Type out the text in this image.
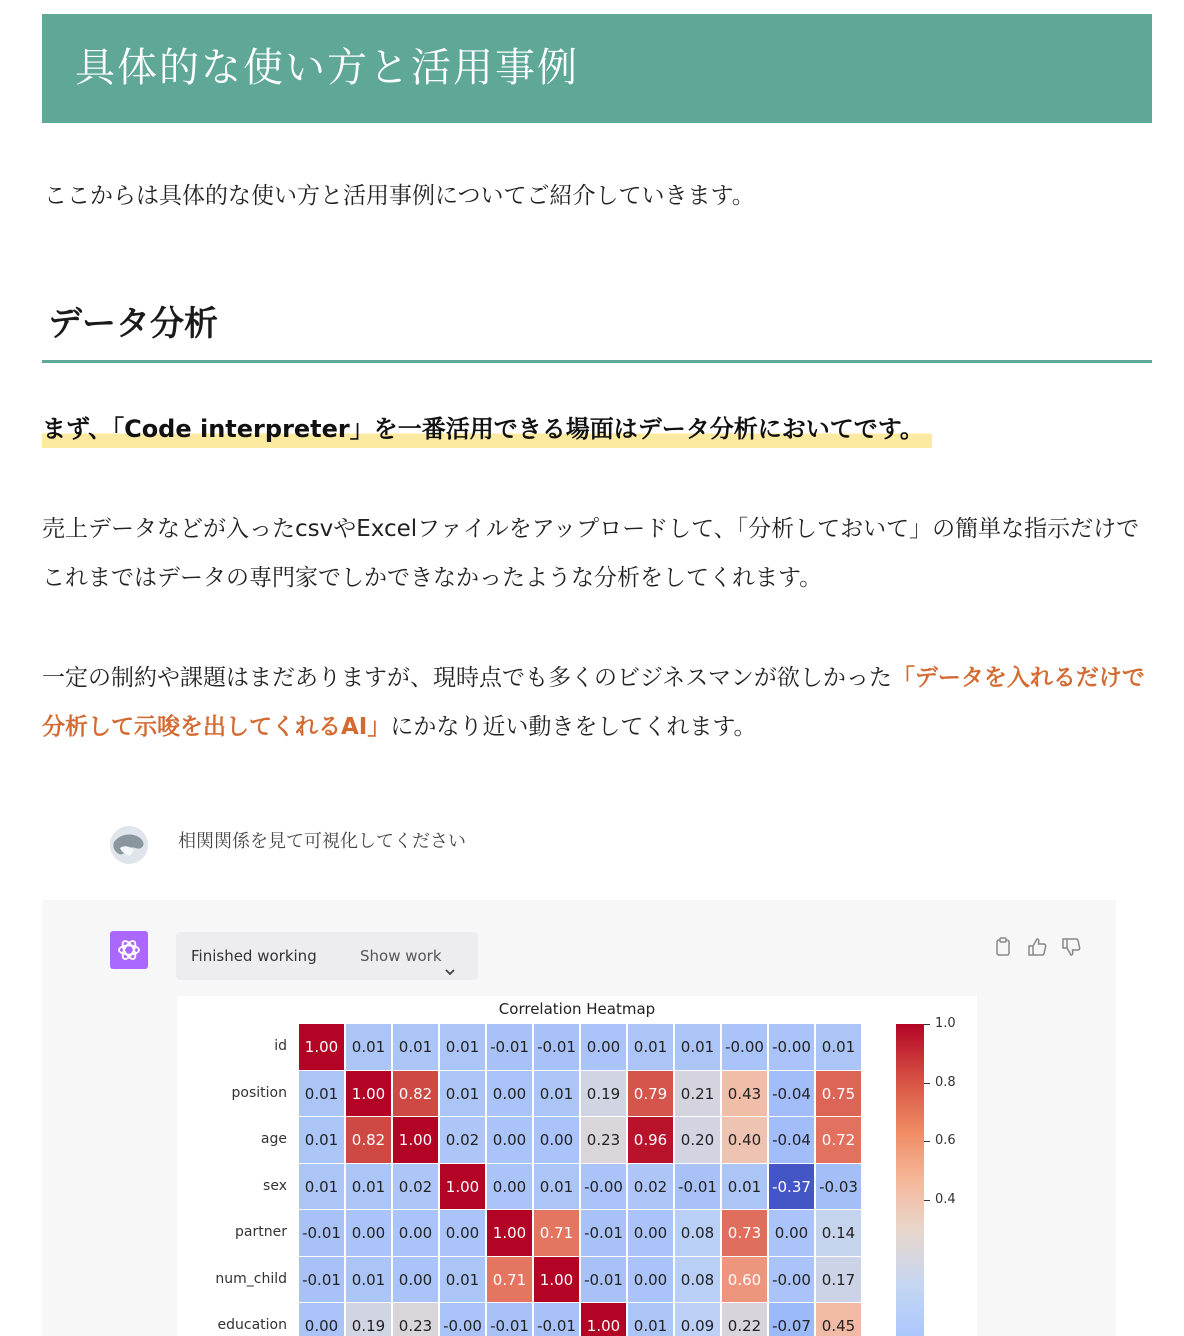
具体的な使い方と活用事例

ここからは具体的な使い方と活用事例についてご紹介していきます。

データ分析

まず、「Code interpreter」を一番活用できる場面はデータ分析においてです。

売上データなどが入ったcsvやExcelファイルをアップロードして、「分析しておいて」の簡単な指示だけでこれまではデータの専門家でしかできなかったような分析をしてくれます。

一定の制約や課題はまだありますが、現時点でも多くのビジネスマンが欲しかった「データを入れるだけで分析して示唆を出してくれるAI」にかなり近い動きをしてくれます。

相関関係を見て可視化してください
Finished working	Show work
Correlation Heatmap
id	1.00 0.01 0.01 0.01 -0.01 -0.01 0.00 0.01 0.01 -0.00 -0.00 0.01
position	0.01 1.00 0.82 0.01 0.00 0.01 0.19 0.79 0.21 0.43 -0.04 0.75
age	0.01 0.82 1.00 0.02 0.00 0.00 0.23 0.96 0.20 0.40 -0.04 0.72
sex	0.01 0.01 0.02 1.00 0.00 0.01 -0.00 0.02 -0.01 0.01 -0.37 -0.03
partner -0.01 0.00 0.00 0.00 1.00 0.71 -0.01 0.00 0.08 0.73 0.00 0.14
num_child -0.01 0.01 0.00 0.01 0.71 1.00 -0.01 0.00 0.08 0.60 -0.00 0.17
education	0.00 0.19 0.23 -0.00 -0.01 -0.01 1.00 0.01 0.09 0.22 -0.07 0.45
1.0
0.8
0.6
0.4
